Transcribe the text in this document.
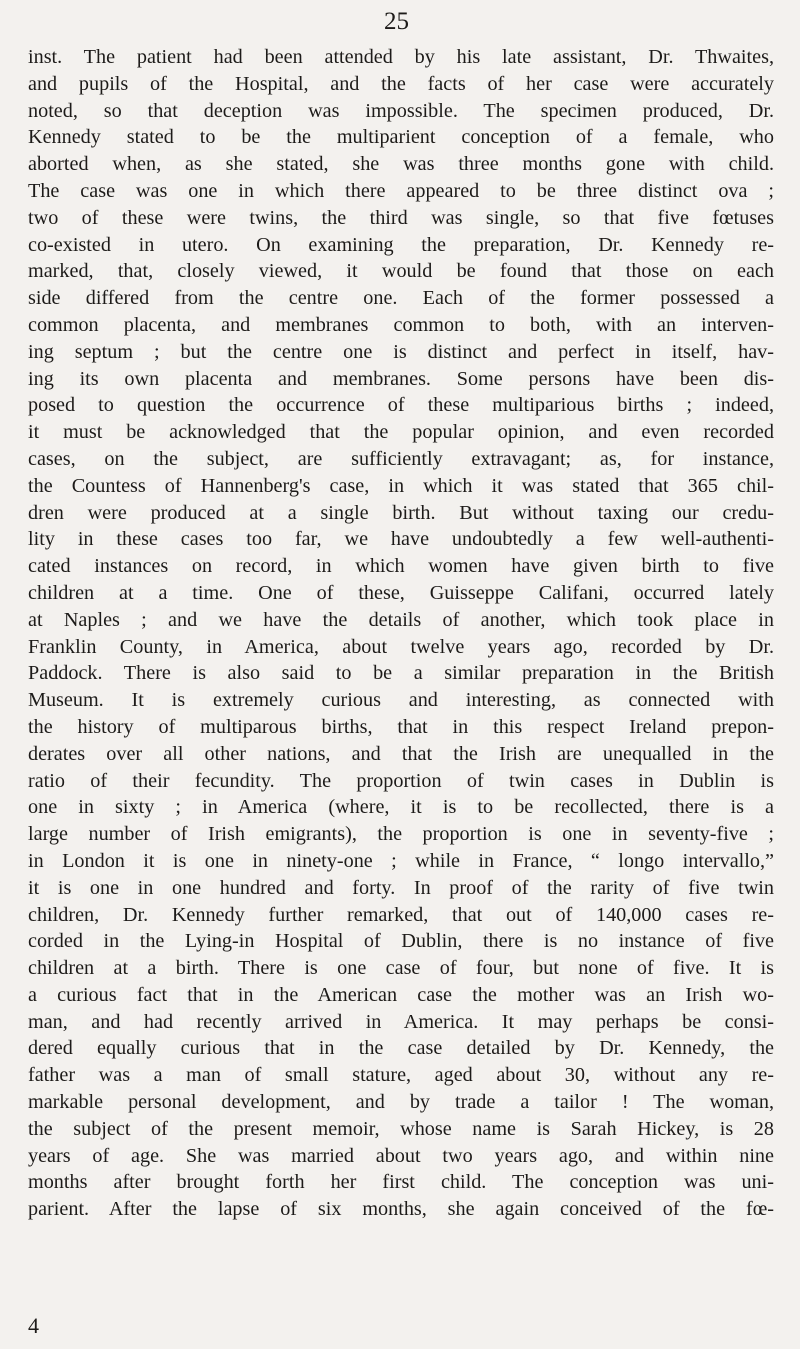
25
inst. The patient had been attended by his late assistant, Dr. Thwaites,
and pupils of the Hospital, and the facts of her case were accurately
noted, so that deception was impossible. The specimen produced, Dr.
Kennedy stated to be the multiparient conception of a female, who
aborted when, as she stated, she was three months gone with child.
The case was one in which there appeared to be three distinct ova ;
two of these were twins, the third was single, so that five fœtuses
co-existed in utero. On examining the preparation, Dr. Kennedy re-
marked, that, closely viewed, it would be found that those on each
side differed from the centre one. Each of the former possessed a
common placenta, and membranes common to both, with an interven-
ing septum ; but the centre one is distinct and perfect in itself, hav-
ing its own placenta and membranes. Some persons have been dis-
posed to question the occurrence of these multiparious births ; indeed,
it must be acknowledged that the popular opinion, and even recorded
cases, on the subject, are sufficiently extravagant; as, for instance,
the Countess of Hannenberg's case, in which it was stated that 365 chil-
dren were produced at a single birth. But without taxing our credu-
lity in these cases too far, we have undoubtedly a few well-authenti-
cated instances on record, in which women have given birth to five
children at a time. One of these, Guisseppe Califani, occurred lately
at Naples ; and we have the details of another, which took place in
Franklin County, in America, about twelve years ago, recorded by Dr.
Paddock. There is also said to be a similar preparation in the British
Museum. It is extremely curious and interesting, as connected with
the history of multiparous births, that in this respect Ireland prepon-
derates over all other nations, and that the Irish are unequalled in the
ratio of their fecundity. The proportion of twin cases in Dublin is
one in sixty ; in America (where, it is to be recollected, there is a
large number of Irish emigrants), the proportion is one in seventy-five ;
in London it is one in ninety-one ; while in France, “ longo intervallo,”
it is one in one hundred and forty. In proof of the rarity of five twin
children, Dr. Kennedy further remarked, that out of 140,000 cases re-
corded in the Lying-in Hospital of Dublin, there is no instance of five
children at a birth. There is one case of four, but none of five. It is
a curious fact that in the American case the mother was an Irish wo-
man, and had recently arrived in America. It may perhaps be consi-
dered equally curious that in the case detailed by Dr. Kennedy, the
father was a man of small stature, aged about 30, without any re-
markable personal development, and by trade a tailor ! The woman,
the subject of the present memoir, whose name is Sarah Hickey, is 28
years of age. She was married about two years ago, and within nine
months after brought forth her first child. The conception was uni-
parient. After the lapse of six months, she again conceived of the fœ-
4
